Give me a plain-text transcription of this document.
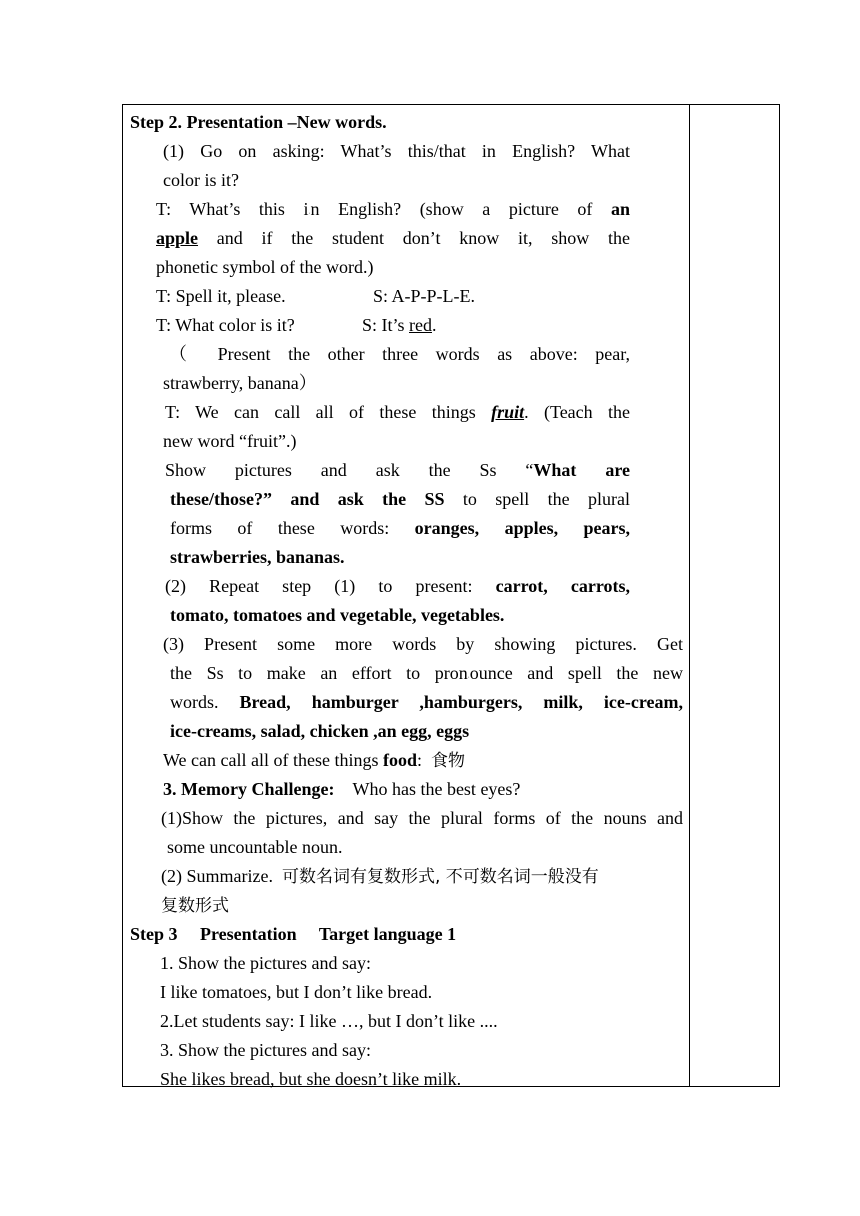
Step 2. Presentation –New words.
(1) Go on asking: What’s this/that in English? What
color is it?
T: What’s this i·n English? (show a picture of an
apple and if the student don’t know it, show the
phonetic symbol of the word.)
T: Spell it, please.	S: A-P-P-L-E.
T: What color is it?	S: It’s red.
（ Present the other three words as above: pear,
strawberry, banana）
T: We can call all of these things fruit. (Teach the
new word “fruit”.)
Show pictures and ask the Ss “What are
these/those?” and ask the SS to spell the plural
forms of these words: oranges, apples, pears,
strawberries, bananas.
(2) Repeat step (1) to present: carrot, carrots,
tomato, tomatoes and vegetable, vegetables.
(3) Present some more words by showing pictures. Get
the Ss to make an effort to pron·ounce and spell the new
words. Bread, hamburger ,hamburgers, milk, ice-cream,
ice-creams, salad, chicken ,an egg, eggs
We can call all of these things food: 食物
3. Memory Challenge: Who has the best eyes?
(1)Show the pictures, and say the plural forms of the nouns and
some uncountable noun.
(2) Summarize. 可数名词有复数形式, 不可数名词一般没有
复数形式
Step 3     Presentation     Target language 1
1. Show the pictures and say:
I like tomatoes, but I don’t like bread.
2.Let students say: I like …, but I don’t like ....
3. Show the pictures and say:
She likes bread, but she doesn’t like milk.
